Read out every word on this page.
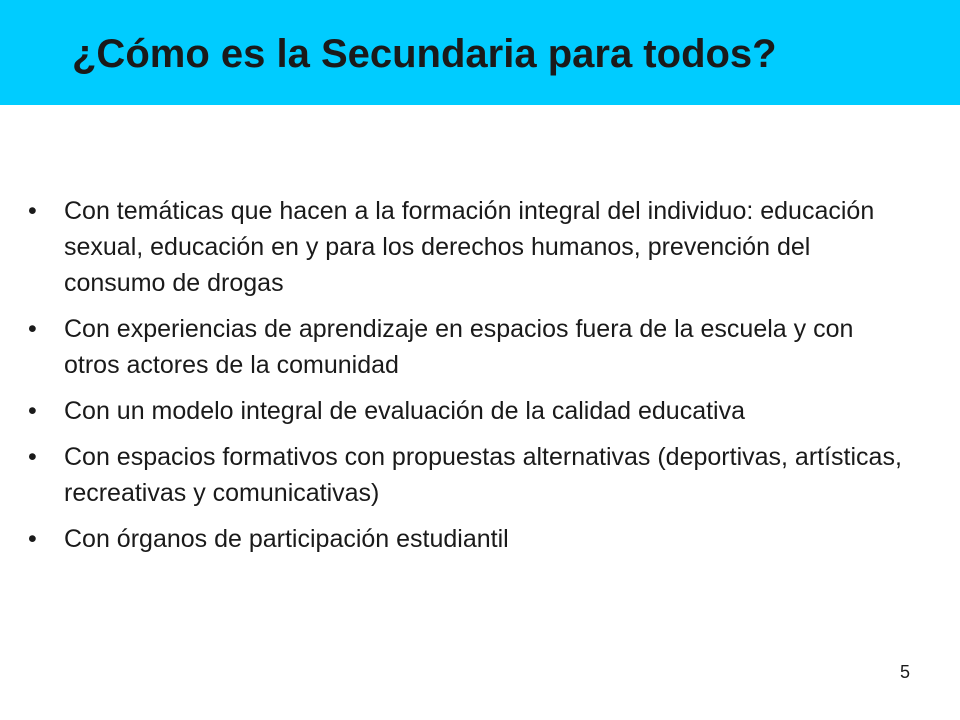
¿Cómo es la Secundaria para todos?
•	Con temáticas que hacen a la formación integral del individuo: educación sexual, educación en y para los derechos humanos, prevención del consumo de drogas
•	Con experiencias de aprendizaje en espacios fuera de la escuela y con otros actores de la comunidad
•	Con un modelo integral de evaluación de la calidad educativa
•	Con espacios formativos con propuestas alternativas (deportivas, artísticas, recreativas y comunicativas)
•	Con órganos de participación estudiantil
5
